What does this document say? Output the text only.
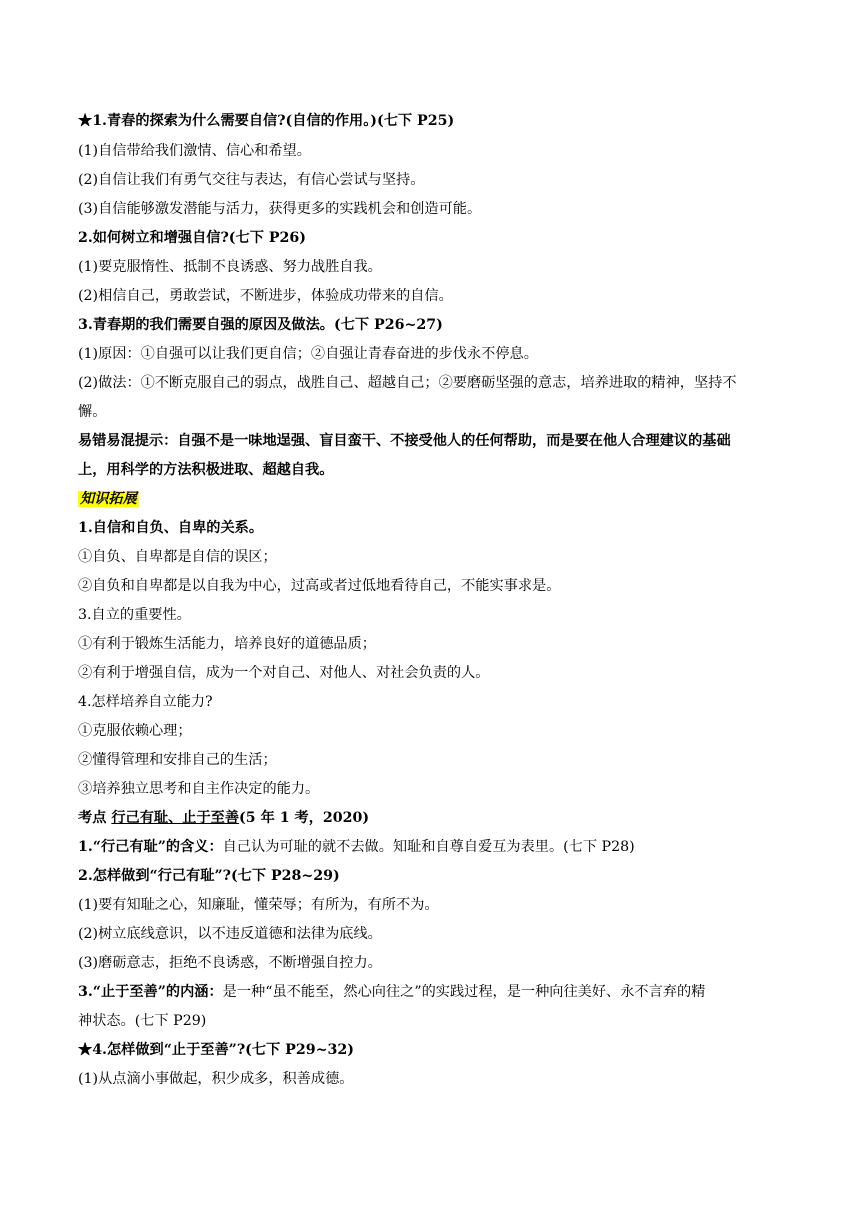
★1.青春的探索为什么需要自信?(自信的作用。)(七下 P25)
(1)自信带给我们激情、信心和希望。
(2)自信让我们有勇气交往与表达，有信心尝试与坚持。
(3)自信能够激发潜能与活力，获得更多的实践机会和创造可能。
2.如何树立和增强自信?(七下 P26)
(1)要克服惰性、抵制不良诱惑、努力战胜自我。
(2)相信自己，勇敢尝试，不断进步，体验成功带来的自信。
3.青春期的我们需要自强的原因及做法。(七下 P26~27)
(1)原因：①自强可以让我们更自信；②自强让青春奋进的步伐永不停息。
(2)做法：①不断克服自己的弱点，战胜自己、超越自己；②要磨砺坚强的意志，培养进取的精神，坚持不
懈。
易错易混提示：自强不是一味地逞强、盲目蛮干、不接受他人的任何帮助，而是要在他人合理建议的基础
上，用科学的方法积极进取、超越自我。
知识拓展
1.自信和自负、自卑的关系。
①自负、自卑都是自信的误区；
②自负和自卑都是以自我为中心，过高或者过低地看待自己，不能实事求是。
3.自立的重要性。
①有利于锻炼生活能力，培养良好的道德品质；
②有利于增强自信，成为一个对自己、对他人、对社会负责的人。
4.怎样培养自立能力?
①克服依赖心理；
②懂得管理和安排自己的生活；
③培养独立思考和自主作决定的能力。
考点 行己有耻、止于至善(5 年 1 考，2020)
1.“行己有耻”的含义：自己认为可耻的就不去做。知耻和自尊自爱互为表里。(七下 P28)
2.怎样做到“行己有耻”?(七下 P28~29)
(1)要有知耻之心，知廉耻，懂荣辱；有所为，有所不为。
(2)树立底线意识，以不违反道德和法律为底线。
(3)磨砺意志，拒绝不良诱惑，不断增强自控力。
3.“止于至善”的内涵：是一种“虽不能至，然心向往之”的实践过程，是一种向往美好、永不言弃的精
神状态。(七下 P29)
★4.怎样做到“止于至善”?(七下 P29~32)
(1)从点滴小事做起，积少成多，积善成德。
